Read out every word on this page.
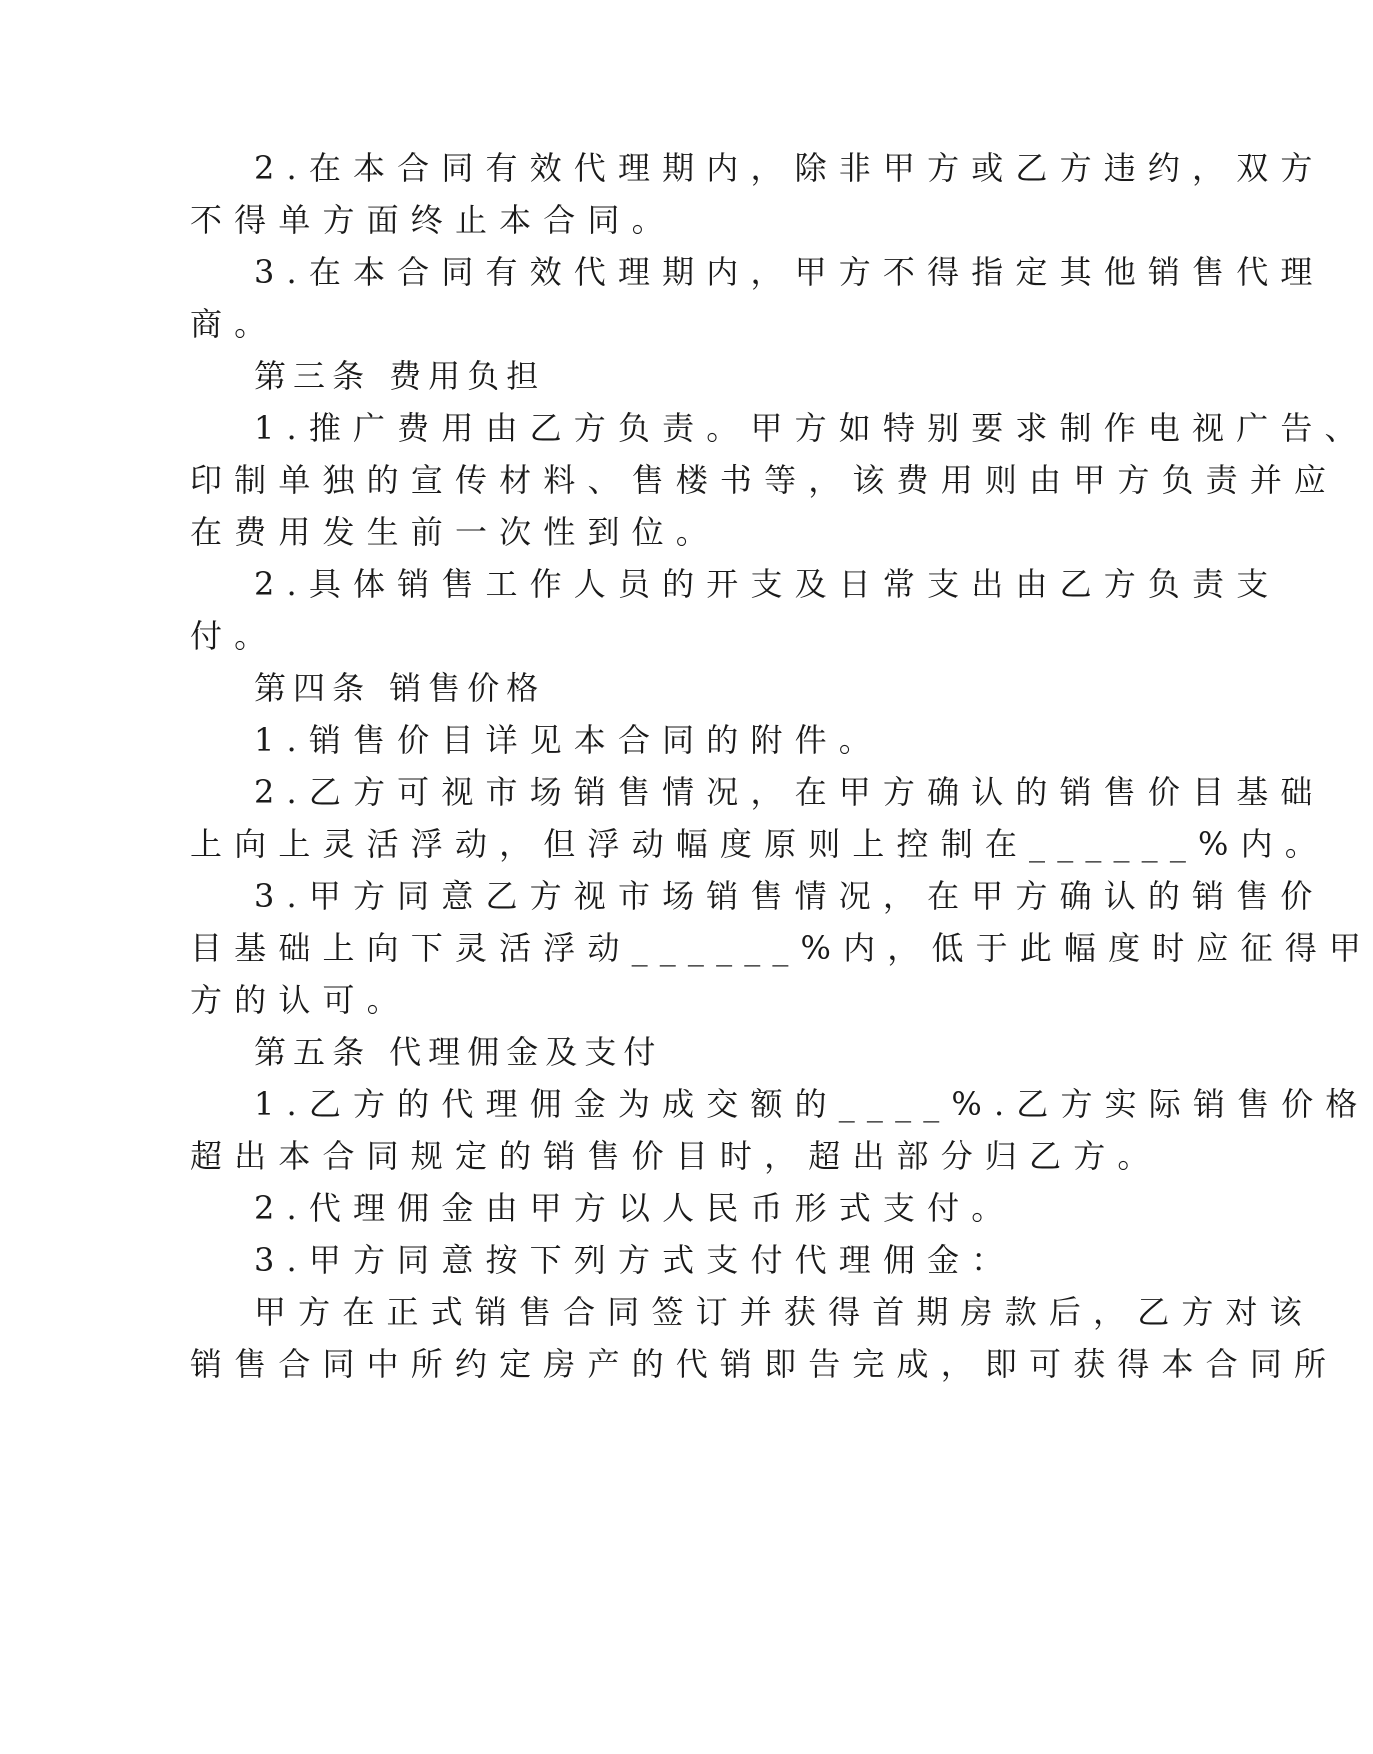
2.在本合同有效代理期内，除非甲方或乙方违约，双方
不得单方面终止本合同。
3.在本合同有效代理期内，甲方不得指定其他销售代理
商。
第三条 费用负担
1.推广费用由乙方负责。甲方如特别要求制作电视广告、
印制单独的宣传材料、售楼书等，该费用则由甲方负责并应
在费用发生前一次性到位。
2.具体销售工作人员的开支及日常支出由乙方负责支
付。
第四条 销售价格
1.销售价目详见本合同的附件。
2.乙方可视市场销售情况，在甲方确认的销售价目基础
上向上灵活浮动，但浮动幅度原则上控制在______%内。
3.甲方同意乙方视市场销售情况，在甲方确认的销售价
目基础上向下灵活浮动______%内，低于此幅度时应征得甲
方的认可。
第五条 代理佣金及支付
1.乙方的代理佣金为成交额的____%.乙方实际销售价格
超出本合同规定的销售价目时，超出部分归乙方。
2.代理佣金由甲方以人民币形式支付。
3.甲方同意按下列方式支付代理佣金：
甲方在正式销售合同签订并获得首期房款后，乙方对该
销售合同中所约定房产的代销即告完成，即可获得本合同所
